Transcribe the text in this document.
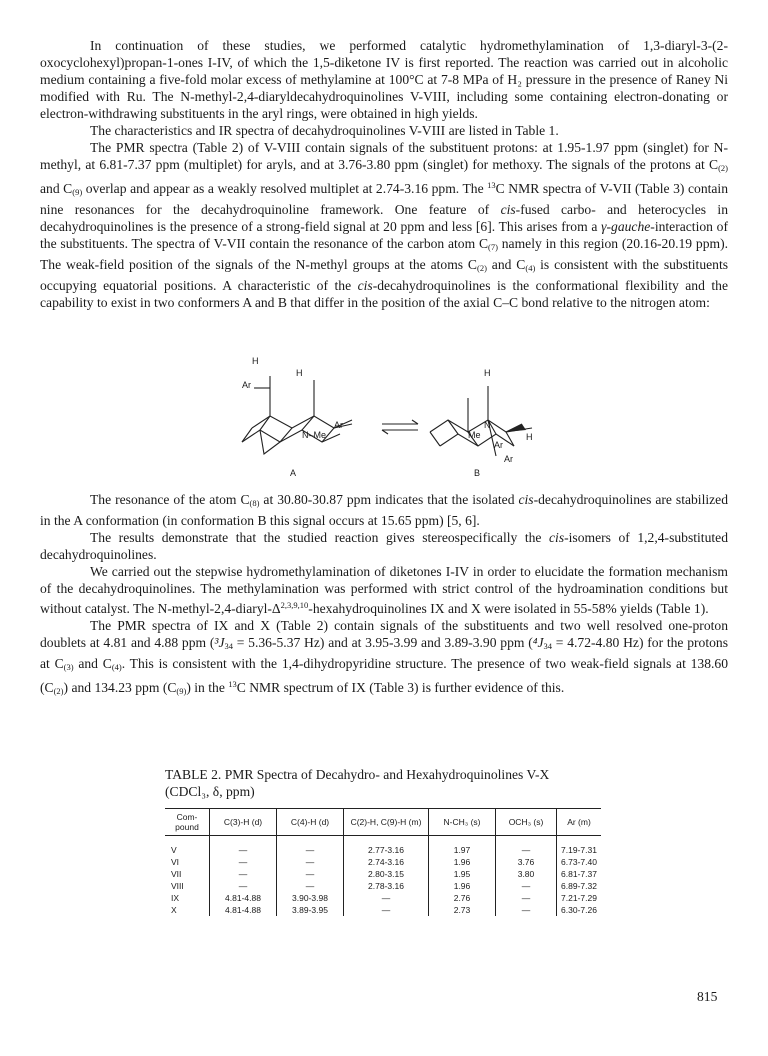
In continuation of these studies, we performed catalytic hydromethylamination of 1,3-diaryl-3-(2-oxocyclohexyl)propan-1-ones I-IV, of which the 1,5-diketone IV is first reported. The reaction was carried out in alcoholic medium containing a five-fold molar excess of methylamine at 100°C at 7-8 MPa of H₂ pressure in the presence of Raney Ni modified with Ru. The N-methyl-2,4-diaryldecahydroquinolines V-VIII, including some containing electron-donating or electron-withdrawing substituents in the aryl rings, were obtained in high yields.

The characteristics and IR spectra of decahydroquinolines V-VIII are listed in Table 1.

The PMR spectra (Table 2) of V-VIII contain signals of the substituent protons: at 1.95-1.97 ppm (singlet) for N-methyl, at 6.81-7.37 ppm (multiplet) for aryls, and at 3.76-3.80 ppm (singlet) for methoxy. The signals of the protons at $C_{(2)}$ and $C_{(9)}$ overlap and appear as a weakly resolved multiplet at 2.74-3.16 ppm. The $^{13}$C NMR spectra of V-VII (Table 3) contain nine resonances for the decahydroquinoline framework. One feature of cis-fused carbo- and heterocycles in decahydroquinolines is the presence of a strong-field signal at 20 ppm and less [6]. This arises from a γ-gauche-interaction of the substituents. The spectra of V-VII contain the resonance of the carbon atom $C_{(7)}$ namely in this region (20.16-20.19 ppm). The weak-field position of the signals of the N-methyl groups at the atoms $C_{(2)}$ and $C_{(4)}$ is consistent with the substituents occupying equatorial positions. A characteristic of the cis-decahydroquinolines is the conformational flexibility and the capability to exist in two conformers A and B that differ in the position of the axial C–C bond relative to the nitrogen atom:

H
H
Ar
Ar
N–Me
H
N
Me	H
Ar
Ar
A	B

The resonance of the atom $C_{(8)}$ at 30.80-30.87 ppm indicates that the isolated cis-decahydroquinolines are stabilized in the A conformation (in conformation B this signal occurs at 15.65 ppm) [5, 6].

The results demonstrate that the studied reaction gives stereospecifically the cis-isomers of 1,2,4-substituted decahydroquinolines.

We carried out the stepwise hydromethylamination of diketones I-IV in order to elucidate the formation mechanism of the decahydroquinolines. The methylamination was performed with strict control of the hydroamination conditions but without catalyst. The $N-methyl-2,4-diaryl-\Delta^{2,3,9,10}$-hexahydroquinolines IX and X were isolated in 55-58% yields (Table 1).

The PMR spectra of IX and X (Table 2) contain signals of the substituents and two well resolved one-proton doublets at 4.81 and 4.88 ppm ($^3J_{34} = 5.36-5.37$ Hz) and at 3.95-3.99 and 3.89-3.90 ppm ($^4J_{34} = 4.72-4.80$ Hz) for the protons at $C_{(3)}$ and $C_{(4)}$. This is consistent with the 1,4-dihydropyridine structure. The presence of two weak-field signals at 138.60 $(C_{(2)})$ and 134.23 ppm $(C_{(9)})$ in the $^{13}$C NMR spectrum of IX (Table 3) is further evidence of this.

TABLE 2. PMR Spectra of Decahydro- and Hexahydroquinolines V-X
(CDCl₃, δ, ppm)
Com-pound	C(3)-H (d)	C(4)-H (d)	C(2)-H, C(9)-H (m)	N-CH₃ (s)	OCH₃ (s)	Ar (m)
V	—	—	2.77-3.16	1.97	—	7.19-7.31
VI	—	—	2.74-3.16	1.96	3.76	6.73-7.40
VII	—	—	2.80-3.15	1.95	3.80	6.81-7.37
VIII	—	—	2.78-3.16	1.96	—	6.89-7.32
IX	4.81-4.88	3.90-3.98	—	2.76	—	7.21-7.29
X	4.81-4.88	3.89-3.95	—	2.73	—	6.30-7.26
815
